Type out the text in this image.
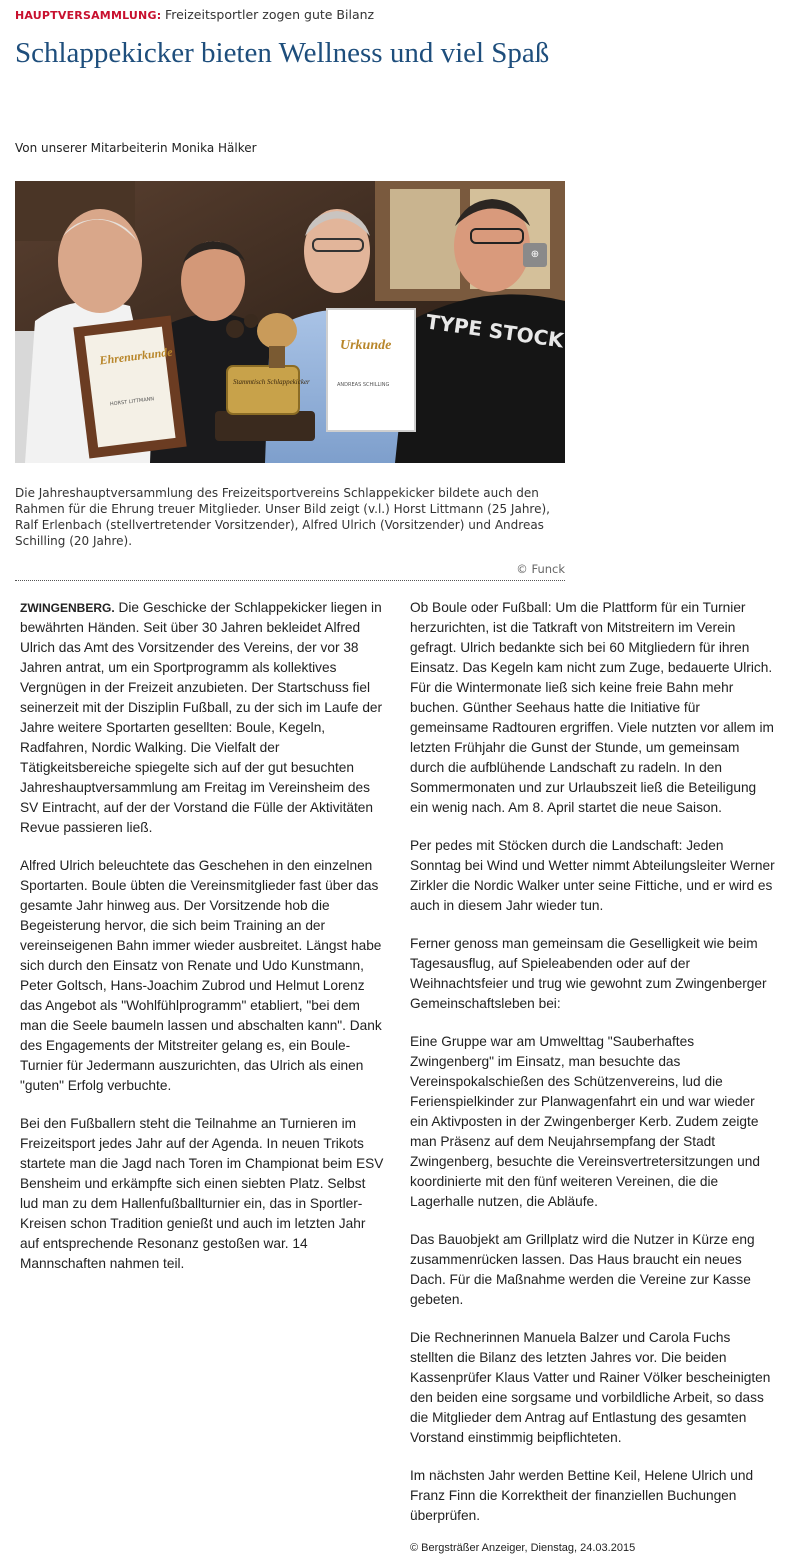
HAUPTVERSAMMLUNG: Freizeitsportler zogen gute Bilanz
Schlappekicker bieten Wellness und viel Spaß
Von unserer Mitarbeiterin Monika Hälker
TYPE STOCK
Ehrenurkunde
HORST LITTMANN
Urkunde
ANDREAS SCHILLING
Stammtisch Schlappekicker
⊕

Die Jahreshauptversammlung des Freizeitsportvereins Schlappekicker bildete auch den Rahmen für die Ehrung treuer Mitglieder. Unser Bild zeigt (v.l.) Horst Littmann (25 Jahre), Ralf Erlenbach (stellvertretender Vorsitzender), Alfred Ulrich (Vorsitzender) und Andreas Schilling (20 Jahre).

© Funck

ZWINGENBERG. Die Geschicke der Schlappekicker liegen in bewährten Händen. Seit über 30 Jahren bekleidet Alfred Ulrich das Amt des Vorsitzender des Vereins, der vor 38 Jahren antrat, um ein Sportprogramm als kollektives Vergnügen in der Freizeit anzubieten. Der Startschuss fiel seinerzeit mit der Disziplin Fußball, zu der sich im Laufe der Jahre weitere Sportarten gesellten: Boule, Kegeln, Radfahren, Nordic Walking. Die Vielfalt der Tätigkeitsbereiche spiegelte sich auf der gut besuchten Jahreshauptversammlung am Freitag im Vereinsheim des SV Eintracht, auf der der Vorstand die Fülle der Aktivitäten Revue passieren ließ.

Alfred Ulrich beleuchtete das Geschehen in den einzelnen Sportarten. Boule übten die Vereinsmitglieder fast über das gesamte Jahr hinweg aus. Der Vorsitzende hob die Begeisterung hervor, die sich beim Training an der vereinseigenen Bahn immer wieder ausbreitet. Längst habe sich durch den Einsatz von Renate und Udo Kunstmann, Peter Goltsch, Hans-Joachim Zubrod und Helmut Lorenz das Angebot als "Wohlfühlprogramm" etabliert, "bei dem man die Seele baumeln lassen und abschalten kann". Dank des Engagements der Mitstreiter gelang es, ein Boule-Turnier für Jedermann auszurichten, das Ulrich als einen "guten" Erfolg verbuchte.

Bei den Fußballern steht die Teilnahme an Turnieren im Freizeitsport jedes Jahr auf der Agenda. In neuen Trikots startete man die Jagd nach Toren im Championat beim ESV Bensheim und erkämpfte sich einen siebten Platz. Selbst lud man zu dem Hallenfußballturnier ein, das in Sportler-Kreisen schon Tradition genießt und auch im letzten Jahr auf entsprechende Resonanz gestoßen war. 14 Mannschaften nahmen teil.

Ob Boule oder Fußball: Um die Plattform für ein Turnier herzurichten, ist die Tatkraft von Mitstreitern im Verein gefragt. Ulrich bedankte sich bei 60 Mitgliedern für ihren Einsatz. Das Kegeln kam nicht zum Zuge, bedauerte Ulrich. Für die Wintermonate ließ sich keine freie Bahn mehr buchen. Günther Seehaus hatte die Initiative für gemeinsame Radtouren ergriffen. Viele nutzten vor allem im letzten Frühjahr die Gunst der Stunde, um gemeinsam durch die aufblühende Landschaft zu radeln. In den Sommermonaten und zur Urlaubszeit ließ die Beteiligung ein wenig nach. Am 8. April startet die neue Saison.

Per pedes mit Stöcken durch die Landschaft: Jeden Sonntag bei Wind und Wetter nimmt Abteilungsleiter Werner Zirkler die Nordic Walker unter seine Fittiche, und er wird es auch in diesem Jahr wieder tun.

Ferner genoss man gemeinsam die Geselligkeit wie beim Tagesausflug, auf Spieleabenden oder auf der Weihnachtsfeier und trug wie gewohnt zum Zwingenberger Gemeinschaftsleben bei:

Eine Gruppe war am Umwelttag "Sauberhaftes Zwingenberg" im Einsatz, man besuchte das Vereinspokalschießen des Schützenvereins, lud die Ferienspielkinder zur Planwagenfahrt ein und war wieder ein Aktivposten in der Zwingenberger Kerb. Zudem zeigte man Präsenz auf dem Neujahrsempfang der Stadt Zwingenberg, besuchte die Vereinsvertretersitzungen und koordinierte mit den fünf weiteren Vereinen, die die Lagerhalle nutzen, die Abläufe.

Das Bauobjekt am Grillplatz wird die Nutzer in Kürze eng zusammenrücken lassen. Das Haus braucht ein neues Dach. Für die Maßnahme werden die Vereine zur Kasse gebeten.

Die Rechnerinnen Manuela Balzer und Carola Fuchs stellten die Bilanz des letzten Jahres vor. Die beiden Kassenprüfer Klaus Vatter und Rainer Völker bescheinigten den beiden eine sorgsame und vorbildliche Arbeit, so dass die Mitglieder dem Antrag auf Entlastung des gesamten Vorstand einstimmig beipflichteten.

Im nächsten Jahr werden Bettine Keil, Helene Ulrich und Franz Finn die Korrektheit der finanziellen Buchungen überprüfen.

© Bergsträßer Anzeiger, Dienstag, 24.03.2015
